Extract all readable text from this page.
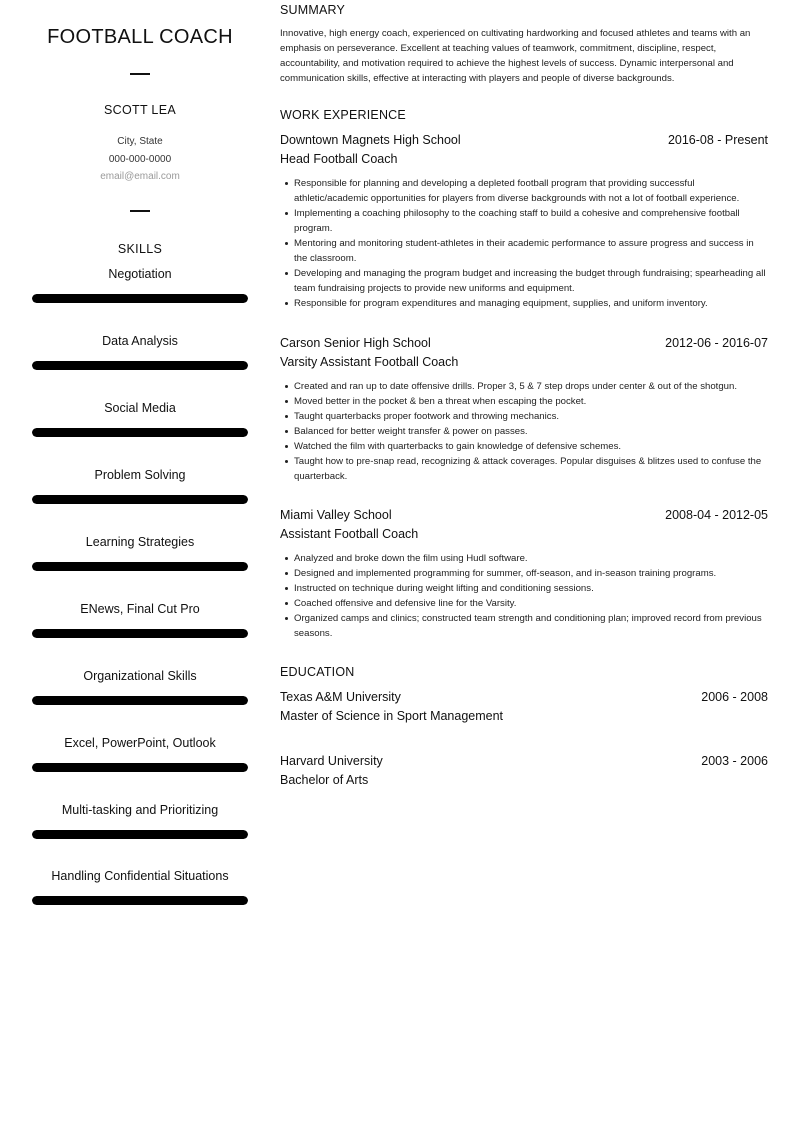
FOOTBALL COACH
SCOTT LEA
City, State
000-000-0000
email@email.com
SKILLS
Negotiation
Data Analysis
Social Media
Problem Solving
Learning Strategies
ENews, Final Cut Pro
Organizational Skills
Excel, PowerPoint, Outlook
Multi-tasking and Prioritizing
Handling Confidential Situations
SUMMARY
Innovative, high energy coach, experienced on cultivating hardworking and focused athletes and teams with an emphasis on perseverance. Excellent at teaching values of teamwork, commitment, discipline, respect, accountability, and motivation required to achieve the highest levels of success. Dynamic interpersonal and communication skills, effective at interacting with players and people of diverse backgrounds.
WORK EXPERIENCE
Downtown Magnets High School	2016-08 - Present
Head Football Coach
Responsible for planning and developing a depleted football program that providing successful athletic/academic opportunities for players from diverse backgrounds with not a lot of football experience.
Implementing a coaching philosophy to the coaching staff to build a cohesive and comprehensive football program.
Mentoring and monitoring student-athletes in their academic performance to assure progress and success in the classroom.
Developing and managing the program budget and increasing the budget through fundraising; spearheading all team fundraising projects to provide new uniforms and equipment.
Responsible for program expenditures and managing equipment, supplies, and uniform inventory.
Carson Senior High School	2012-06 - 2016-07
Varsity Assistant Football Coach
Created and ran up to date offensive drills. Proper 3, 5 & 7 step drops under center & out of the shotgun.
Moved better in the pocket & ben a threat when escaping the pocket.
Taught quarterbacks proper footwork and throwing mechanics.
Balanced for better weight transfer & power on passes.
Watched the film with quarterbacks to gain knowledge of defensive schemes.
Taught how to pre-snap read, recognizing & attack coverages. Popular disguises & blitzes used to confuse the quarterback.
Miami Valley School	2008-04 - 2012-05
Assistant Football Coach
Analyzed and broke down the film using Hudl software.
Designed and implemented programming for summer, off-season, and in-season training programs.
Instructed on technique during weight lifting and conditioning sessions.
Coached offensive and defensive line for the Varsity.
Organized camps and clinics; constructed team strength and conditioning plan; improved record from previous seasons.
EDUCATION
Texas A&M University	2006 - 2008
Master of Science in Sport Management
Harvard University	2003 - 2006
Bachelor of Arts
